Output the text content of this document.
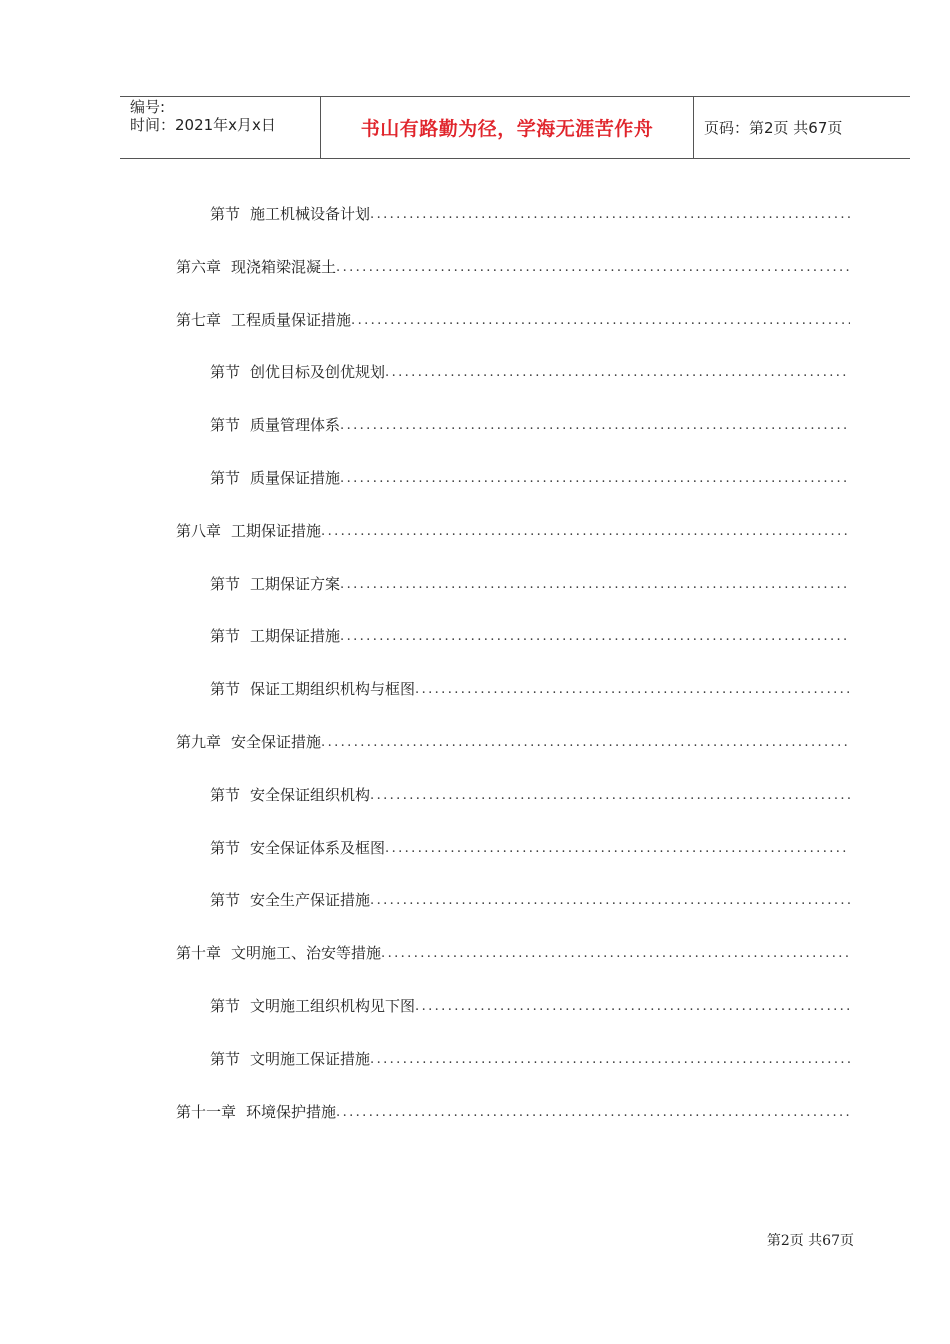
编号:
时间：2021年x月x日	书山有路勤为径，学海无涯苦作舟	页码：第2页 共67页
第节 施工机械设备计划
.....
第六章 现浇箱梁混凝土
.....
第七章 工程质量保证措施
.....
第节 创优目标及创优规划
.....
第节 质量管理体系
.....
第节 质量保证措施
.....
第八章 工期保证措施
.....
第节 工期保证方案
.....
第节 工期保证措施
.....
第节 保证工期组织机构与框图
.....
第九章 安全保证措施
.....
第节 安全保证组织机构
.....
第节 安全保证体系及框图
.....
第节 安全生产保证措施
.....
第十章 文明施工、治安等措施
.....
第节 文明施工组织机构见下图
.....
第节 文明施工保证措施
.....
第十一章 环境保护措施
.....
第2页 共67页
